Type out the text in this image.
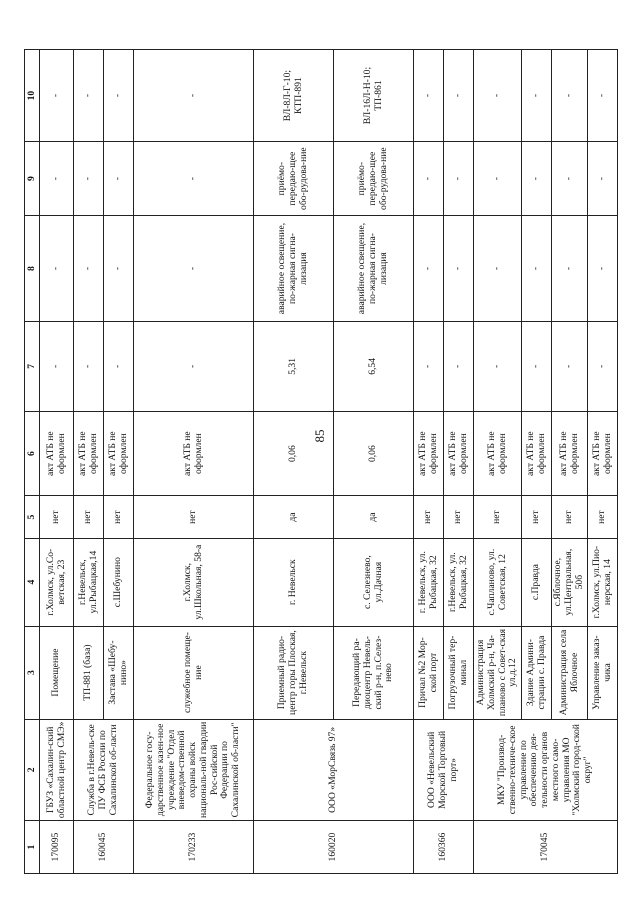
85
1	2	3	4	5	6	7	8	9	10
170095	ГБУЗ «Сахалин-ский областной центр СМЭ»	Помещение	г.Холмск, ул.Со-ветская, 23	нет	акт АТБ не оформлен	-	-	-	-
160045	Служба в г.Невель-ске ПУ ФСБ России по Сахалинской об-ласти	ТП-881 (база)	г.Невельск, ул.Рыбацкая,14	нет	акт АТБ не оформлен	-	-	-	-
		Застава «Шебу-нино»	с.Шебунино	нет	акт АТБ не оформлен	-	-	-	-
170233	Федеральное госу-дарственное казен-ное учреждение "Отдел вневедом-ственной охраны войск националь-ной гвардии Рос-сийской Федерации по Сахалинской об-ласти"	служебное помеще-ние	г.Холмск, ул.Школьная, 58-а	нет	акт АТБ не оформлен	-	-	-	-
160020	ООО «МорСвязь 97»	Приемный радио-центр горы Плоская, г.Невельск	г. Невельск	да	0,06	5,31	аварийное освещение, по-жарная сигна-лизация	приёмо-передаю-щее обо-рудова-ние	ВЛ-8Л-Г-10; КТП-891
		Передающий ра-диоцентр Невель-ский р-н, п.Селез-нево	с. Селезнево, ул.Дачная	да	0,06	6,54	аварийное освещение, по-жарная сигна-лизация	приёмо-передаю-щее обо-рудова-ние	ВЛ-16Л-Н-10; ТП-861
160366	ООО «Невельский Морской Торговый порт»	Причал №2 Мор-ской порт	г. Невельск, ул. Рыбацкая, 32	нет	акт АТБ не оформлен	-	-	-	-
		Погрузочный тер-минал	г.Невельск, ул. Рыбацкая, 32	нет	акт АТБ не оформлен	-	-	-	-
170045	МКУ "Производ-ственно-техниче-ское управление по обеспечению дея-тельности органов местного само-управления МО "Холмский город-ской округ"	Администрация Холмский р-н, Ча-планово с Совет-ская ул.д.12	с.Чапланово, ул. Советская, 12	нет	акт АТБ не оформлен	-	-	-	-
		Здание Админи-страции с. Правда	с.Правда	нет	акт АТБ не оформлен	-	-	-	-
		Администрация села Яблочное	с.Яблочное, ул.Центральная, 50б	нет	акт АТБ не оформлен	-	-	-	-
		Управление заказ-чика	г.Холмск, ул.Пио-нерская, 14	нет	акт АТБ не оформлен	-	-	-	-
